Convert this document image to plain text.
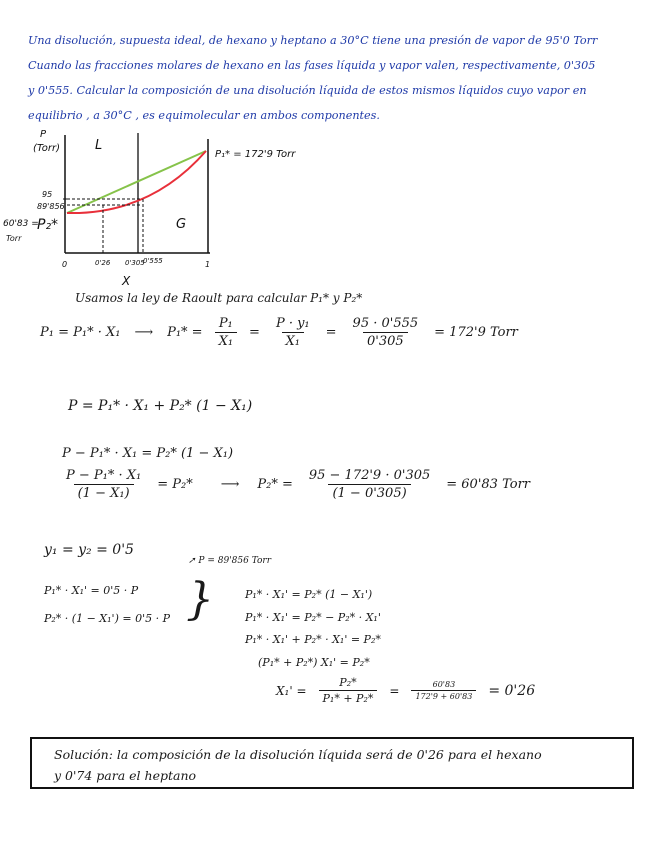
Una disolución, supuesta ideal, de hexano y heptano a 30°C tiene una presión de vapor de 95'0 Torr
Cuando las fracciones molares de hexano en las fases líquida y vapor valen, respectivamente, 0'305
y 0'555. Calcular la composición de una disolución líquida de estos mismos líquidos cuyo vapor en
equilibrio , a 30°C , es equimolecular en ambos componentes.
P
(Torr)	L
G
95
89'856
60'83 =
P₂*
Torr
P₁* = 172'9 Torr
0	0'26 0'305
0'555	1
X
Usamos la ley de Raoult para calcular P₁* y P₂*
P₁ = P₁* · X₁ ⟶ $P_1* = \frac{\text{P₁}}{\text{X₁}} = \frac{\text{P · y₁}}{\text{X₁}} = \frac{95 \cdot 0'555}{0'305} = 172'9$ Torr
P = P₁* · X₁ + P₂* (1 − X₁)
P − P₁* · X₁ = P₂* (1 − X₁)
$\frac{\text{P − P₁* · X₁}}{\text{(1 − X₁)}} = P_2*$ ⟶ $P_2* = \frac{95 - 172'9 \cdot 0'305}{(1 - 0'305)} = 60'83$ Torr
y₁ = y₂ = 0'5
➚ P = 89'856 Torr
P₁* · X₁' = 0'5 · P
P₂* · (1 − X₁') = 0'5 · P }	P₁* · X₁' = P₂* (1 − X₁')
P₁* · X₁' = P₂* − P₂* · X₁'
P₁* · X₁' + P₂* · X₁' = P₂*
(P₁* + P₂*) X₁' = P₂*
$X_1' = \frac{\text{P₂*}}{\text{P₁* + P₂*}} = \frac{60'83}{172'9 + 60'83} = 0'26$
Solución: la composición de la disolución líquida será de 0'26 para el hexano
y 0'74 para el heptano
